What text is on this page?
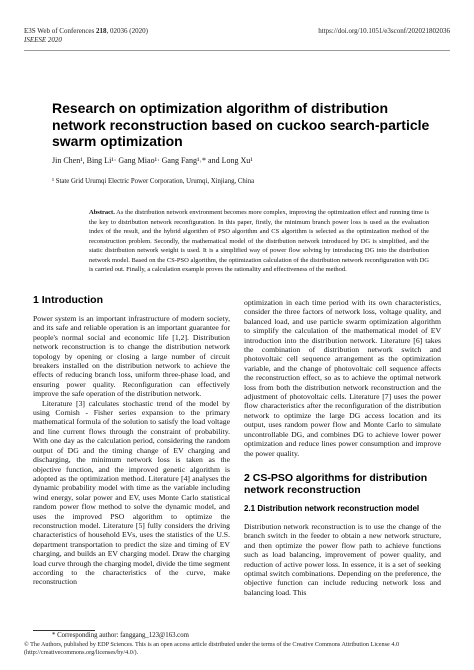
E3S Web of Conferences 218, 02036 (2020)
ISEESE 2020
https://doi.org/10.1051/e3sconf/202021802036
Research on optimization algorithm of distribution network reconstruction based on cuckoo search-particle swarm optimization
Jin Chen¹, Bing Li¹· Gang Miao¹· Gang Fang¹˒* and Long Xu¹
¹ State Grid Urumqi Electric Power Corporation, Urumqi, Xinjiang, China

Abstract. As the distribution network environment becomes more complex, improving the optimization effect and running time is the key to distribution network reconfiguration. In this paper, firstly, the minimum branch power loss is used as the evaluation index of the result, and the hybrid algorithm of PSO algorithm and CS algorithm is selected as the optimization method of the reconstruction problem. Secondly, the mathematical model of the distribution network introduced by DG is simplified, and the static distribution network weight is used. It is a simplified way of power flow solving by introducing DG into the distribution network model. Based on the CS-PSO algorithm, the optimization calculation of the distribution network reconfiguration with DG is carried out. Finally, a calculation example proves the rationality and effectiveness of the method.

1 Introduction

Power system is an important infrastructure of modern society, and its safe and reliable operation is an important guarantee for people's normal social and economic life [1,2]. Distribution network reconstruction is to change the distribution network topology by opening or closing a large number of circuit breakers installed on the distribution network to achieve the effects of reducing branch loss, uniform three-phase load, and ensuring power quality. Reconfiguration can effectively improve the safe operation of the distribution network.

Literature [3] calculates stochastic trend of the model by using Cornish - Fisher series expansion to the primary mathematical formula of the solution to satisfy the load voltage and line current flows through the constraint of probability. With one day as the calculation period, considering the random output of DG and the timing change of EV charging and discharging, the minimum network loss is taken as the objective function, and the improved genetic algorithm is adopted as the optimization method. Literature [4] analyses the dynamic probability model with time as the variable including wind energy, solar power and EV, uses Monte Carlo statistical random power flow method to solve the dynamic model, and uses the improved PSO algorithm to optimize the reconstruction model. Literature [5] fully considers the driving characteristics of household EVs, uses the statistics of the U.S. department transportation to predict the size and timing of EV charging, and builds an EV charging model. Draw the charging load curve through the charging model, divide the time segment according to the characteristics of the curve, make reconstruction

optimization in each time period with its own characteristics, consider the three factors of network loss, voltage quality, and balanced load, and use particle swarm optimization algorithm to simplify the calculation of the mathematical model of EV introduction into the distribution network. Literature [6] takes the combination of distribution network switch and photovoltaic cell sequence arrangement as the optimization variable, and the change of photovoltaic cell sequence affects the reconstruction effect, so as to achieve the optimal network loss from both the distribution network reconstruction and the adjustment of photovoltaic cells. Literature [7] uses the power flow characteristics after the reconfiguration of the distribution network to optimize the large DG access location and its output, uses random power flow and Monte Carlo to simulate uncontrollable DG, and combines DG to achieve lower power optimization and reduce lines power consumption and improve the power quality.

2 CS-PSO algorithms for distribution network reconstruction
2.1 Distribution network reconstruction model

Distribution network reconstruction is to use the change of the branch switch in the feeder to obtain a new network structure, and then optimize the power flow path to achieve functions such as load balancing, improvement of power quality, and reduction of active power loss. In essence, it is a set of seeking optimal switch combinations. Depending on the preference, the objective function can include reducing network loss and balancing load. This

* Corresponding author: fanggang_123@163.com

© The Authors, published by EDP Sciences. This is an open access article distributed under the terms of the Creative Commons Attribution License 4.0 (http://creativecommons.org/licenses/by/4.0/).
